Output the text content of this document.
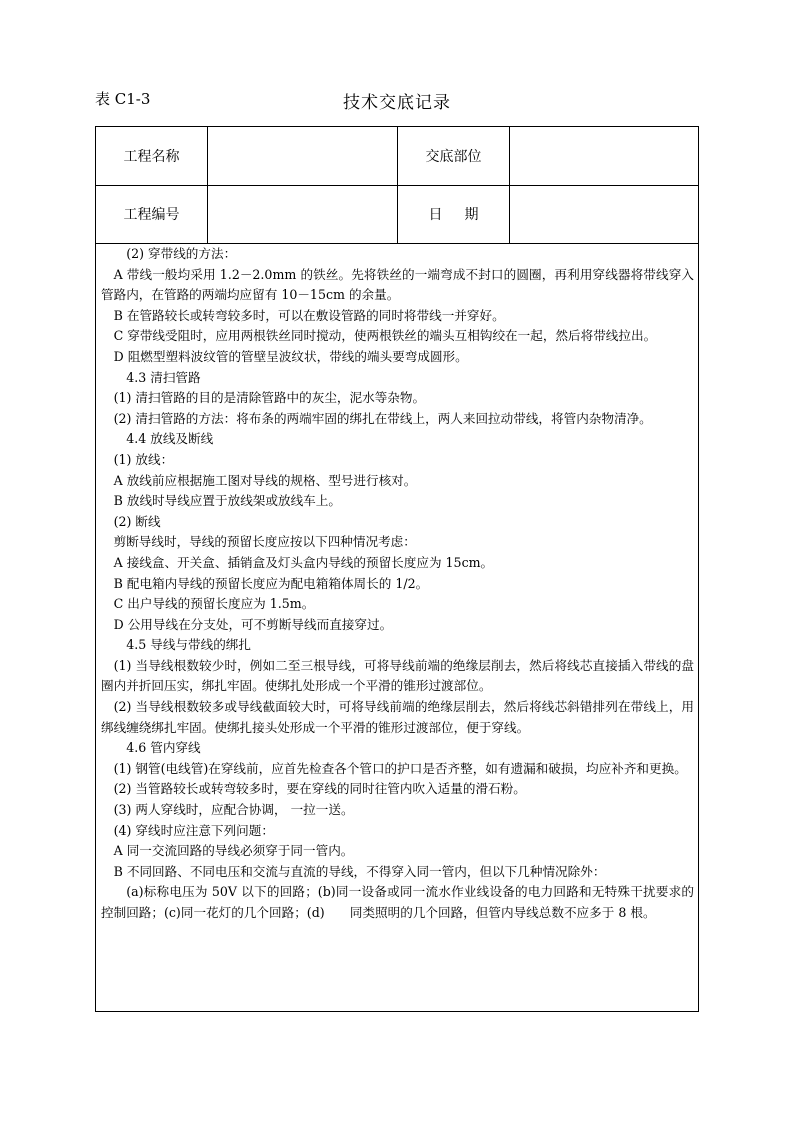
表 C1-3	技术交底记录
工程名称	交底部位
工程编号	日期

(2) 穿带线的方法：

A 带线一般均采用 1.2－2.0mm 的铁丝。先将铁丝的一端弯成不封口的圆圈，再利用穿线器将带线穿入管路内，在管路的两端均应留有 10－15cm 的余量。

B 在管路较长或转弯较多时，可以在敷设管路的同时将带线一并穿好。

C 穿带线受阻时，应用两根铁丝同时搅动，使两根铁丝的端头互相钩绞在一起，然后将带线拉出。

D 阻燃型塑料波纹管的管壁呈波纹状，带线的端头要弯成圆形。

4.3 清扫管路

(1) 清扫管路的目的是清除管路中的灰尘，泥水等杂物。

(2) 清扫管路的方法：将布条的两端牢固的绑扎在带线上，两人来回拉动带线，将管内杂物清净。

4.4 放线及断线

(1) 放线：

A 放线前应根据施工图对导线的规格、型号进行核对。

B 放线时导线应置于放线架或放线车上。

(2) 断线

剪断导线时，导线的预留长度应按以下四种情况考虑：

A 接线盒、开关盒、插销盒及灯头盒内导线的预留长度应为 15cm。

B 配电箱内导线的预留长度应为配电箱箱体周长的 1/2。

C 出户导线的预留长度应为 1.5m。

D 公用导线在分支处，可不剪断导线而直接穿过。

4.5 导线与带线的绑扎

(1) 当导线根数较少时，例如二至三根导线，可将导线前端的绝缘层削去，然后将线芯直接插入带线的盘圈内并折回压实，绑扎牢固。使绑扎处形成一个平滑的锥形过渡部位。

(2) 当导线根数较多或导线截面较大时，可将导线前端的绝缘层削去，然后将线芯斜错排列在带线上，用绑线缠绕绑扎牢固。使绑扎接头处形成一个平滑的锥形过渡部位，便于穿线。

4.6 管内穿线

(1) 钢管(电线管)在穿线前，应首先检查各个管口的护口是否齐整，如有遗漏和破损，均应补齐和更换。

(2) 当管路较长或转弯较多时，要在穿线的同时往管内吹入适量的滑石粉。

(3) 两人穿线时，应配合协调， 一拉一送。

(4) 穿线时应注意下列问题：

A 同一交流回路的导线必须穿于同一管内。

B 不同回路、不同电压和交流与直流的导线，不得穿入同一管内，但以下几种情况除外：

(a)标称电压为 50V 以下的回路；(b)同一设备或同一流水作业线设备的电力回路和无特殊干扰要求的控制回路；(c)同一花灯的几个回路；(d)　　同类照明的几个回路，但管内导线总数不应多于 8 根。
